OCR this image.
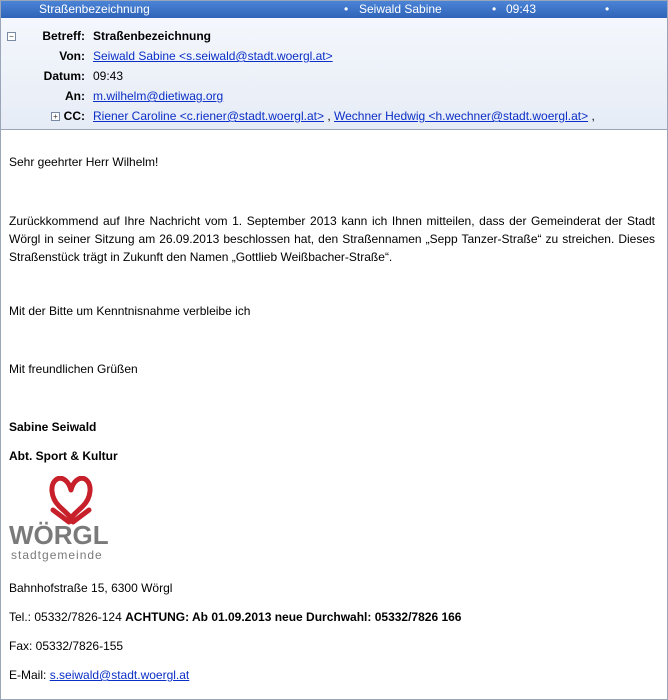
Straßenbezeichnung	• Seiwald Sabine	• 09:43	•
− Betreff: Straßenbezeichnung
Von: Seiwald Sabine <s.seiwald@stadt.woergl.at>
Datum: 09:43
An: m.wilhelm@dietiwag.org
+ CC: Riener Caroline <c.riener@stadt.woergl.at> , Wechner Hedwig <h.wechner@stadt.woergl.at> ,
Sehr geehrter Herr Wilhelm!
Zurückkommend auf Ihre Nachricht vom 1. September 2013 kann ich Ihnen mitteilen, dass der Gemeinderat der Stadt Wörgl in seiner Sitzung am 26.09.2013 beschlossen hat, den Straßennamen „Sepp Tanzer-Straße“ zu streichen. Dieses Straßenstück trägt in Zukunft den Namen „Gottlieb Weißbacher-Straße“.
Mit der Bitte um Kenntnisnahme verbleibe ich
Mit freundlichen Grüßen
Sabine Seiwald
Abt. Sport & Kultur
WÖRGL
stadtgemeinde
Bahnhofstraße 15, 6300 Wörgl
Tel.: 05332/7826-124 ACHTUNG: Ab 01.09.2013 neue Durchwahl: 05332/7826 166
Fax: 05332/7826-155
E-Mail: s.seiwald@stadt.woergl.at
